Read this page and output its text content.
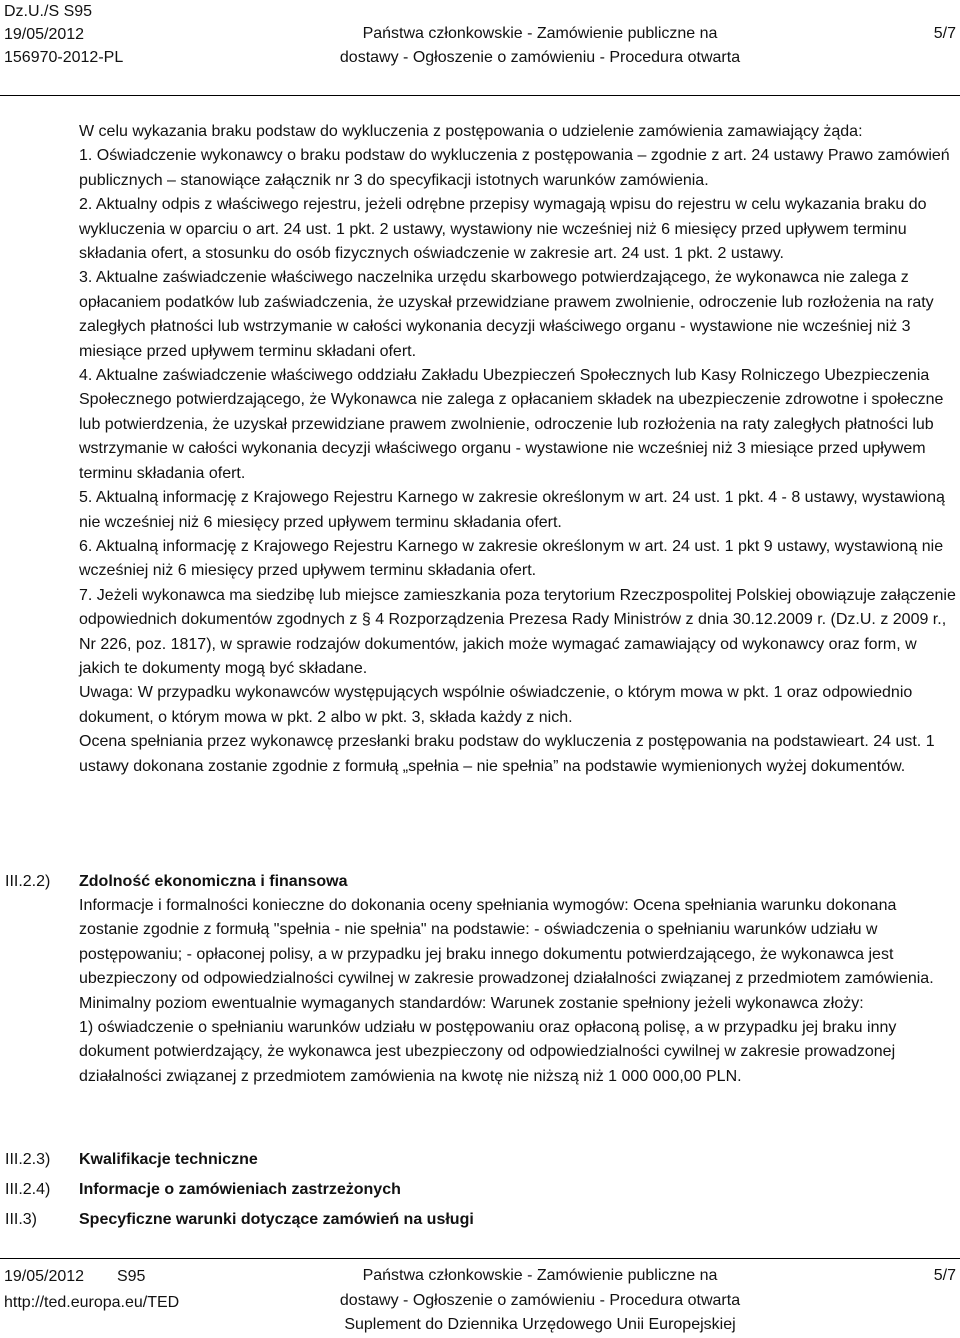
Dz.U./S S95
19/05/2012
156970-2012-PL
Państwa członkowskie - Zamówienie publiczne na
dostawy - Ogłoszenie o zamówieniu - Procedura otwarta
5/7

W celu wykazania braku podstaw do wykluczenia z postępowania o udzielenie zamówienia zamawiający żąda:

1. Oświadczenie wykonawcy o braku podstaw do wykluczenia z postępowania – zgodnie z art. 24 ustawy Prawo zamówień publicznych – stanowiące załącznik nr 3 do specyfikacji istotnych warunków zamówienia.

2. Aktualny odpis z właściwego rejestru, jeżeli odrębne przepisy wymagają wpisu do rejestru w celu wykazania braku do wykluczenia w oparciu o art. 24 ust. 1 pkt. 2 ustawy, wystawiony nie wcześniej niż 6 miesięcy przed upływem terminu składania ofert, a stosunku do osób fizycznych oświadczenie w zakresie art. 24 ust. 1 pkt. 2 ustawy.

3. Aktualne zaświadczenie właściwego naczelnika urzędu skarbowego potwierdzającego, że wykonawca nie zalega z opłacaniem podatków lub zaświadczenia, że uzyskał przewidziane prawem zwolnienie, odroczenie lub rozłożenia na raty zaległych płatności lub wstrzymanie w całości wykonania decyzji właściwego organu - wystawione nie wcześniej niż 3 miesiące przed upływem terminu składani ofert.

4. Aktualne zaświadczenie właściwego oddziału Zakładu Ubezpieczeń Społecznych lub Kasy Rolniczego Ubezpieczenia Społecznego potwierdzającego, że Wykonawca nie zalega z opłacaniem składek na ubezpieczenie zdrowotne i społeczne lub potwierdzenia, że uzyskał przewidziane prawem zwolnienie, odroczenie lub rozłożenia na raty zaległych płatności lub wstrzymanie w całości wykonania decyzji właściwego organu - wystawione nie wcześniej niż 3 miesiące przed upływem terminu składania ofert.

5. Aktualną informację z Krajowego Rejestru Karnego w zakresie określonym w art. 24 ust. 1 pkt. 4 - 8 ustawy, wystawioną nie wcześniej niż 6 miesięcy przed upływem terminu składania ofert.

6. Aktualną informację z Krajowego Rejestru Karnego w zakresie określonym w art. 24 ust. 1 pkt 9 ustawy, wystawioną nie wcześniej niż 6 miesięcy przed upływem terminu składania ofert.

7. Jeżeli wykonawca ma siedzibę lub miejsce zamieszkania poza terytorium Rzeczpospolitej Polskiej obowiązuje załączenie odpowiednich dokumentów zgodnych z § 4 Rozporządzenia Prezesa Rady Ministrów z dnia 30.12.2009 r. (Dz.U. z 2009 r., Nr 226, poz. 1817), w sprawie rodzajów dokumentów, jakich może wymagać zamawiający od wykonawcy oraz form, w jakich te dokumenty mogą być składane.

Uwaga: W przypadku wykonawców występujących wspólnie oświadczenie, o którym mowa w pkt. 1 oraz odpowiednio dokument, o którym mowa w pkt. 2 albo w pkt. 3, składa każdy z nich.

Ocena spełniania przez wykonawcę przesłanki braku podstaw do wykluczenia z postępowania na podstawieart. 24 ust. 1 ustawy dokonana zostanie zgodnie z formułą „spełnia – nie spełnia” na podstawie wymienionych wyżej dokumentów.

III.2.2) Zdolność ekonomiczna i finansowa

Informacje i formalności konieczne do dokonania oceny spełniania wymogów: Ocena spełniania warunku dokonana zostanie zgodnie z formułą "spełnia - nie spełnia" na podstawie: - oświadczenia o spełnianiu warunków udziału w postępowaniu; - opłaconej polisy, a w przypadku jej braku innego dokumentu potwierdzającego, że wykonawca jest ubezpieczony od odpowiedzialności cywilnej w zakresie prowadzonej działalności związanej z przedmiotem zamówienia.

Minimalny poziom ewentualnie wymaganych standardów: Warunek zostanie spełniony jeżeli wykonawca złoży:

1) oświadczenie o spełnianiu warunków udziału w postępowaniu oraz opłaconą polisę, a w przypadku jej braku inny dokument potwierdzający, że wykonawca jest ubezpieczony od odpowiedzialności cywilnej w zakresie prowadzonej działalności związanej z przedmiotem zamówienia na kwotę nie niższą niż 1 000 000,00 PLN.

III.2.3) Kwalifikacje techniczne
III.2.4) Informacje o zamówieniach zastrzeżonych
III.3)	Specyficzne warunki dotyczące zamówień na usługi
19/05/2012 S95
http://ted.europa.eu/TED
Państwa członkowskie - Zamówienie publiczne na
dostawy - Ogłoszenie o zamówieniu - Procedura otwarta
Suplement do Dziennika Urzędowego Unii Europejskiej
5/7
